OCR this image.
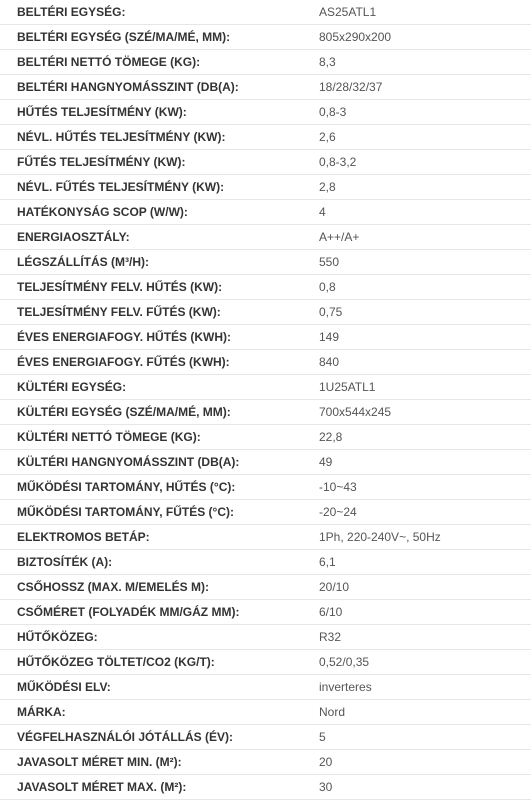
BELTÉRI EGYSÉG:	AS25ATL1
BELTÉRI EGYSÉG (SZÉ/MA/MÉ, MM):	805x290x200
BELTÉRI NETTÓ TÖMEGE (KG):	8,3
BELTÉRI HANGNYOMÁSSZINT (DB(A):	18/28/32/37
HŰTÉS TELJESÍTMÉNY (KW):	0,8-3
NÉVL. HŰTÉS TELJESÍTMÉNY (KW):	2,6
FŰTÉS TELJESÍTMÉNY (KW):	0,8-3,2
NÉVL. FŰTÉS TELJESÍTMÉNY (KW):	2,8
HATÉKONYSÁG SCOP (W/W):	4
ENERGIAOSZTÁLY:	A++/A+
LÉGSZÁLLÍTÁS (M³/H):	550
TELJESÍTMÉNY FELV. HŰTÉS (KW):	0,8
TELJESÍTMÉNY FELV. FŰTÉS (KW):	0,75
ÉVES ENERGIAFOGY. HŰTÉS (KWH):	149
ÉVES ENERGIAFOGY. FŰTÉS (KWH):	840
KÜLTÉRI EGYSÉG:	1U25ATL1
KÜLTÉRI EGYSÉG (SZÉ/MA/MÉ, MM):	700x544x245
KÜLTÉRI NETTÓ TÖMEGE (KG):	22,8
KÜLTÉRI HANGNYOMÁSSZINT (DB(A):	49
MŰKÖDÉSI TARTOMÁNY, HŰTÉS (°C):	-10~43
MŰKÖDÉSI TARTOMÁNY, FŰTÉS (°C):	-20~24
ELEKTROMOS BETÁP:	1Ph, 220-240V~, 50Hz
BIZTOSÍTÉK (A):	6,1
CSŐHOSSZ (MAX. M/EMELÉS M):	20/10
CSŐMÉRET (FOLYADÉK MM/GÁZ MM):	6/10
HŰTŐKÖZEG:	R32
HŰTŐKÖZEG TÖLTET/CO2 (KG/T):	0,52/0,35
MŰKÖDÉSI ELV:	inverteres
MÁRKA:	Nord
VÉGFELHASZNÁLÓI JÓTÁLLÁS (ÉV):	5
JAVASOLT MÉRET MIN. (M²):	20
JAVASOLT MÉRET MAX. (M²):	30
